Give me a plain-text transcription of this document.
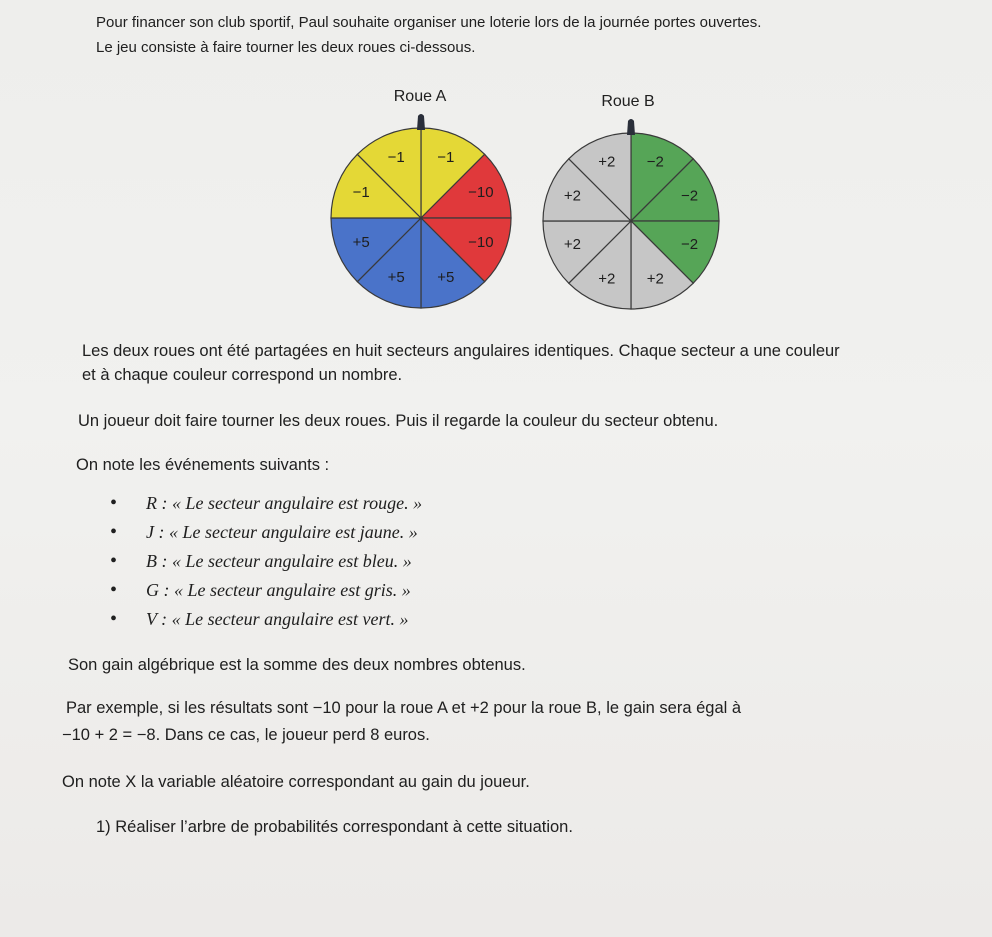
Pour financer son club sportif, Paul souhaite organiser une loterie lors de la journée portes ouvertes.

Le jeu consiste à faire tourner les deux roues ci-dessous.

Roue A	Roue B
−1
−10
−10
+5
+5
+5
−1
−1	−2
−2
−2
+2
+2
+2
+2
+2

Les deux roues ont été partagées en huit secteurs angulaires identiques. Chaque secteur a une couleur

et à chaque couleur correspond un nombre.

Un joueur doit faire tourner les deux roues. Puis il regarde la couleur du secteur obtenu.

On note les événements suivants :

• R : « Le secteur angulaire est rouge. »
• J : « Le secteur angulaire est jaune. »
• B : « Le secteur angulaire est bleu. »
• G : « Le secteur angulaire est gris. »
• V : « Le secteur angulaire est vert. »

Son gain algébrique est la somme des deux nombres obtenus.

Par exemple, si les résultats sont −10 pour la roue A et +2 pour la roue B, le gain sera égal à

−10 + 2 = −8. Dans ce cas, le joueur perd 8 euros.

On note X la variable aléatoire correspondant au gain du joueur.

1) Réaliser l’arbre de probabilités correspondant à cette situation.
